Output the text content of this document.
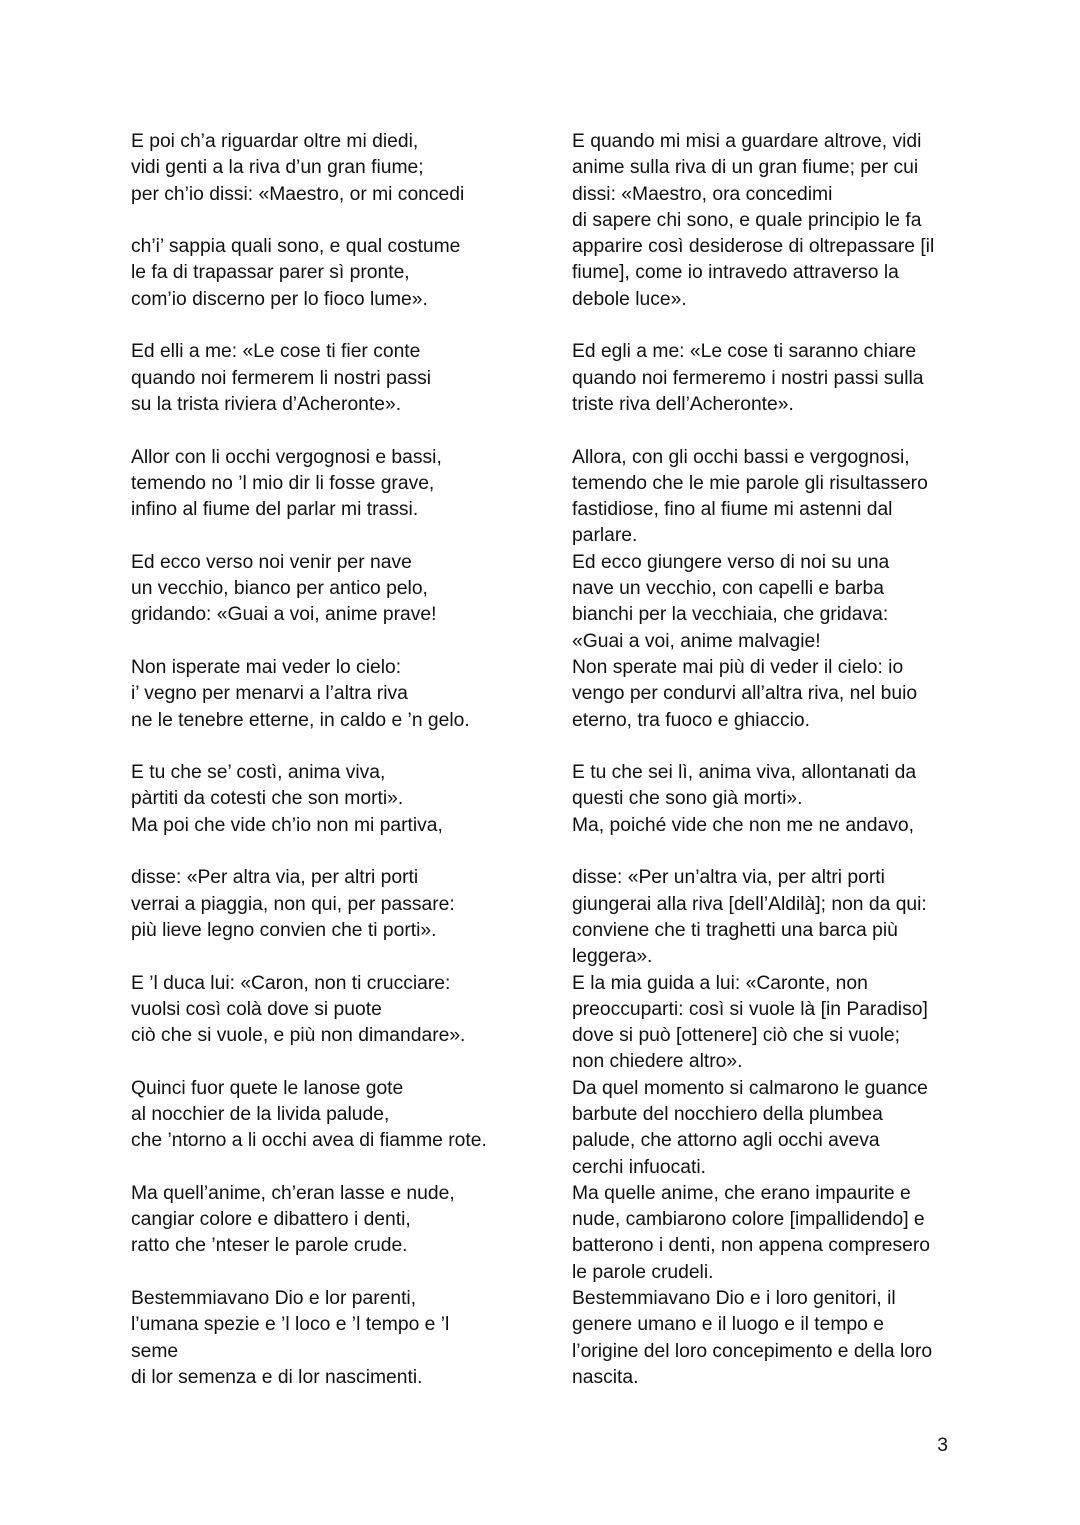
E poi ch’a riguardar oltre mi diedi,
vidi genti a la riva d’un gran fiume;
per ch’io dissi: «Maestro, or mi concedi
ch’i’ sappia quali sono, e qual costume
le fa di trapassar parer sì pronte,
com’io discerno per lo fioco lume».
Ed elli a me: «Le cose ti fier conte
quando noi fermerem li nostri passi
su la trista riviera d’Acheronte».
Allor con li occhi vergognosi e bassi,
temendo no ’l mio dir li fosse grave,
infino al fiume del parlar mi trassi.
Ed ecco verso noi venir per nave
un vecchio, bianco per antico pelo,
gridando: «Guai a voi, anime prave!
Non isperate mai veder lo cielo:
i’ vegno per menarvi a l’altra riva
ne le tenebre etterne, in caldo e ’n gelo.
E tu che se’ costì, anima viva,
pàrtiti da cotesti che son morti».
Ma poi che vide ch’io non mi partiva,
disse: «Per altra via, per altri porti
verrai a piaggia, non qui, per passare:
più lieve legno convien che ti porti».
E ’l duca lui: «Caron, non ti crucciare:
vuolsi così colà dove si puote
ciò che si vuole, e più non dimandare».
Quinci fuor quete le lanose gote
al nocchier de la livida palude,
che ’ntorno a li occhi avea di fiamme rote.
Ma quell’anime, ch’eran lasse e nude,
cangiar colore e dibattero i denti,
ratto che ’nteser le parole crude.
Bestemmiavano Dio e lor parenti,
l’umana spezie e ’l loco e ’l tempo e ’l
seme
di lor semenza e di lor nascimenti.
E quando mi misi a guardare altrove, vidi
anime sulla riva di un gran fiume; per cui
dissi: «Maestro, ora concedimi
di sapere chi sono, e quale principio le fa
apparire così desiderose di oltrepassare [il
fiume], come io intravedo attraverso la
debole luce».
Ed egli a me: «Le cose ti saranno chiare
quando noi fermeremo i nostri passi sulla
triste riva dell’Acheronte».
Allora, con gli occhi bassi e vergognosi,
temendo che le mie parole gli risultassero
fastidiose, fino al fiume mi astenni dal
parlare.
Ed ecco giungere verso di noi su una
nave un vecchio, con capelli e barba
bianchi per la vecchiaia, che gridava:
«Guai a voi, anime malvagie!
Non sperate mai più di veder il cielo: io
vengo per condurvi all’altra riva, nel buio
eterno, tra fuoco e ghiaccio.
E tu che sei lì, anima viva, allontanati da
questi che sono già morti».
Ma, poiché vide che non me ne andavo,
disse: «Per un’altra via, per altri porti
giungerai alla riva [dell’Aldilà]; non da qui:
conviene che ti traghetti una barca più
leggera».
E la mia guida a lui: «Caronte, non
preoccuparti: così si vuole là [in Paradiso]
dove si può [ottenere] ciò che si vuole;
non chiedere altro».
Da quel momento si calmarono le guance
barbute del nocchiero della plumbea
palude, che attorno agli occhi aveva
cerchi infuocati.
Ma quelle anime, che erano impaurite e
nude, cambiarono colore [impallidendo] e
batterono i denti, non appena compresero
le parole crudeli.
Bestemmiavano Dio e i loro genitori, il
genere umano e il luogo e il tempo e
l’origine del loro concepimento e della loro
nascita.
3
